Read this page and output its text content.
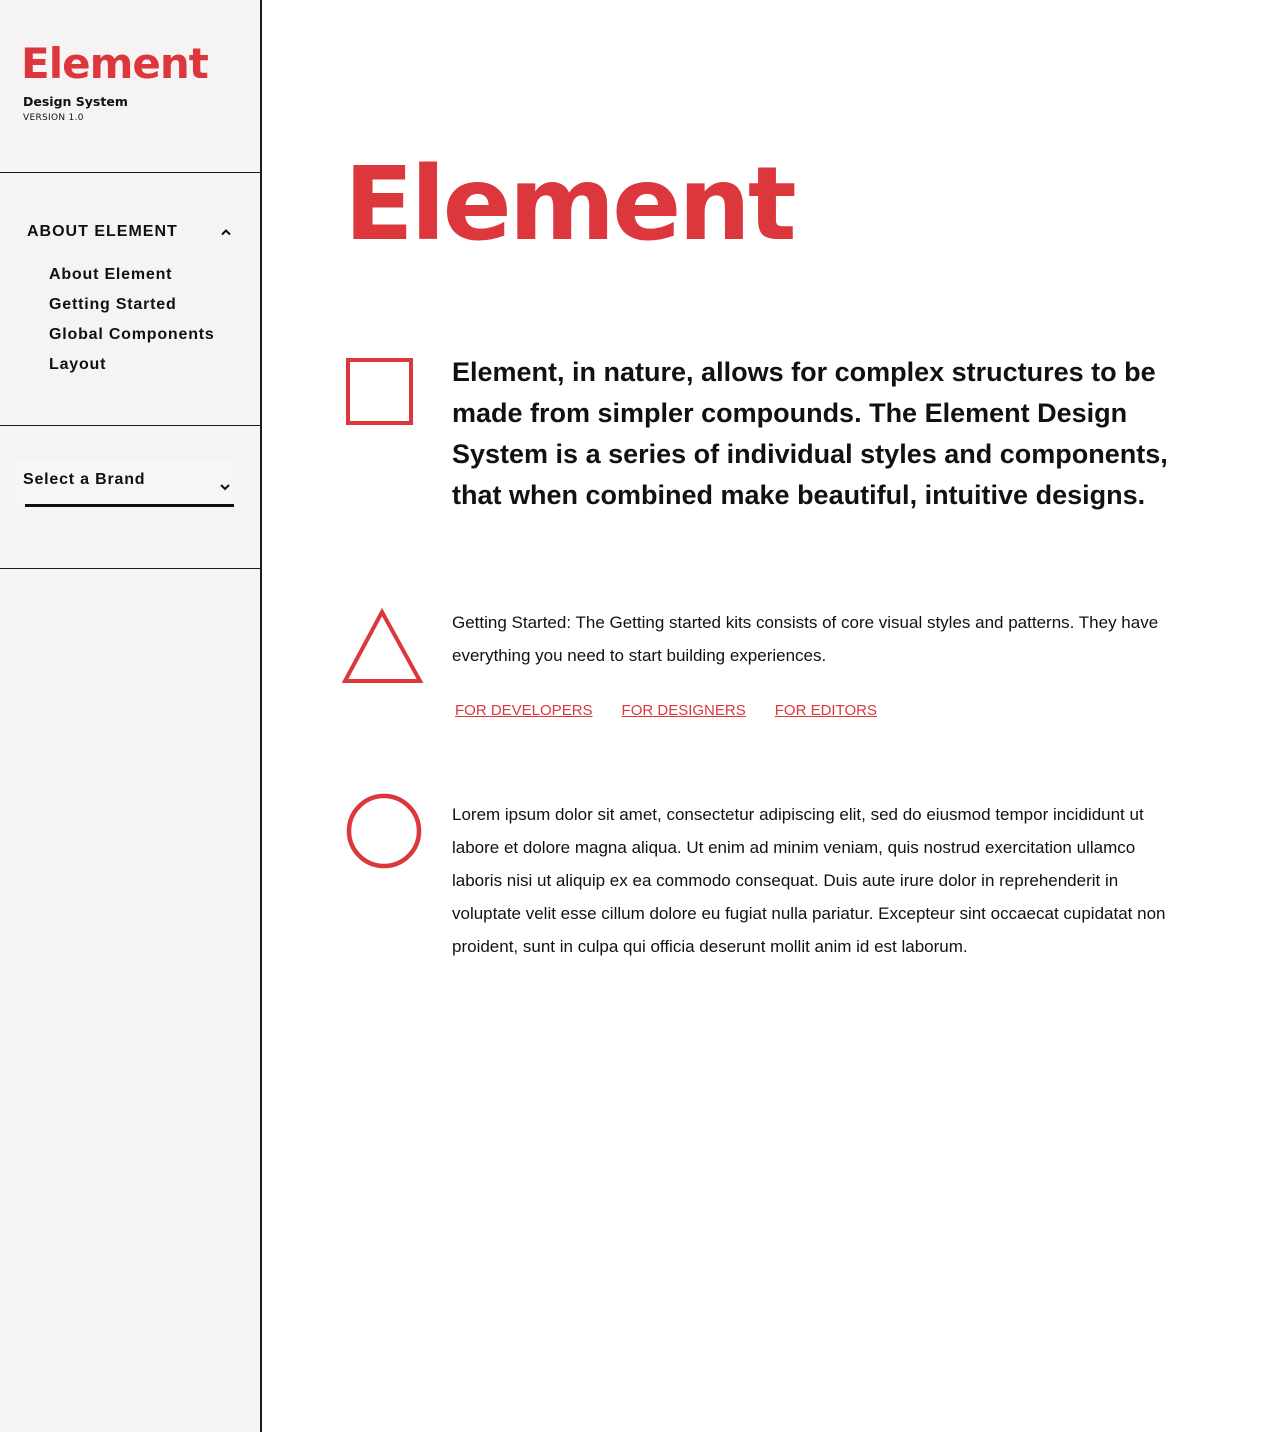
Element
Design System
VERSION 1.0
ABOUT ELEMENT
About Element
Getting Started
Global Components
Layout
Select a Brand
Element

Element, in nature, allows for complex structures to be made from simpler compounds. The Element Design System is a series of individual styles and components, that when combined make beautiful, intuitive designs.

Getting Started: The Getting started kits consists of core visual styles and patterns. They have everything you need to start building experiences.

FOR DEVELOPERS FOR DESIGNERS FOR EDITORS

Lorem ipsum dolor sit amet, consectetur adipiscing elit, sed do eiusmod tempor incididunt ut labore et dolore magna aliqua. Ut enim ad minim veniam, quis nostrud exercitation ullamco laboris nisi ut aliquip ex ea commodo consequat. Duis aute irure dolor in reprehenderit in voluptate velit esse cillum dolore eu fugiat nulla pariatur. Excepteur sint occaecat cupidatat non proident, sunt in culpa qui officia deserunt mollit anim id est laborum.
